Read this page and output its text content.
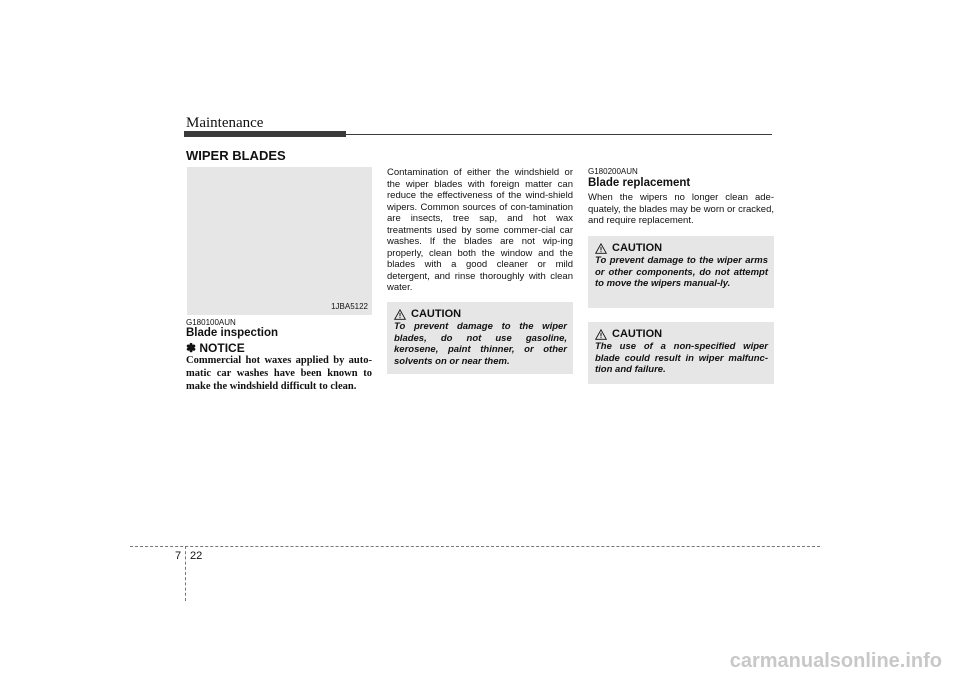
Maintenance
WIPER BLADES
1JBA5122
G180100AUN
Blade inspection
✽ NOTICE
Commercial hot waxes applied by auto-matic car washes have been known to make the windshield difficult to clean.
Contamination of either the windshield or the wiper blades with foreign matter can reduce the effectiveness of the wind-shield wipers. Common sources of con-tamination are insects, tree sap, and hot wax treatments used by some commer-cial car washes. If the blades are not wip-ing properly, clean both the window and the blades with a good cleaner or mild detergent, and rinse thoroughly with clean water.
CAUTION
To prevent damage to the wiper blades, do not use gasoline, kerosene, paint thinner, or other solvents on or near them.
G180200AUN
Blade replacement
When the wipers no longer clean ade-quately, the blades may be worn or cracked, and require replacement.
CAUTION
To prevent damage to the wiper arms or other components, do not attempt to move the wipers manual-ly.
CAUTION
The use of a non-specified wiper blade could result in wiper malfunc-tion and failure.
7 22
carmanualsonline.info
